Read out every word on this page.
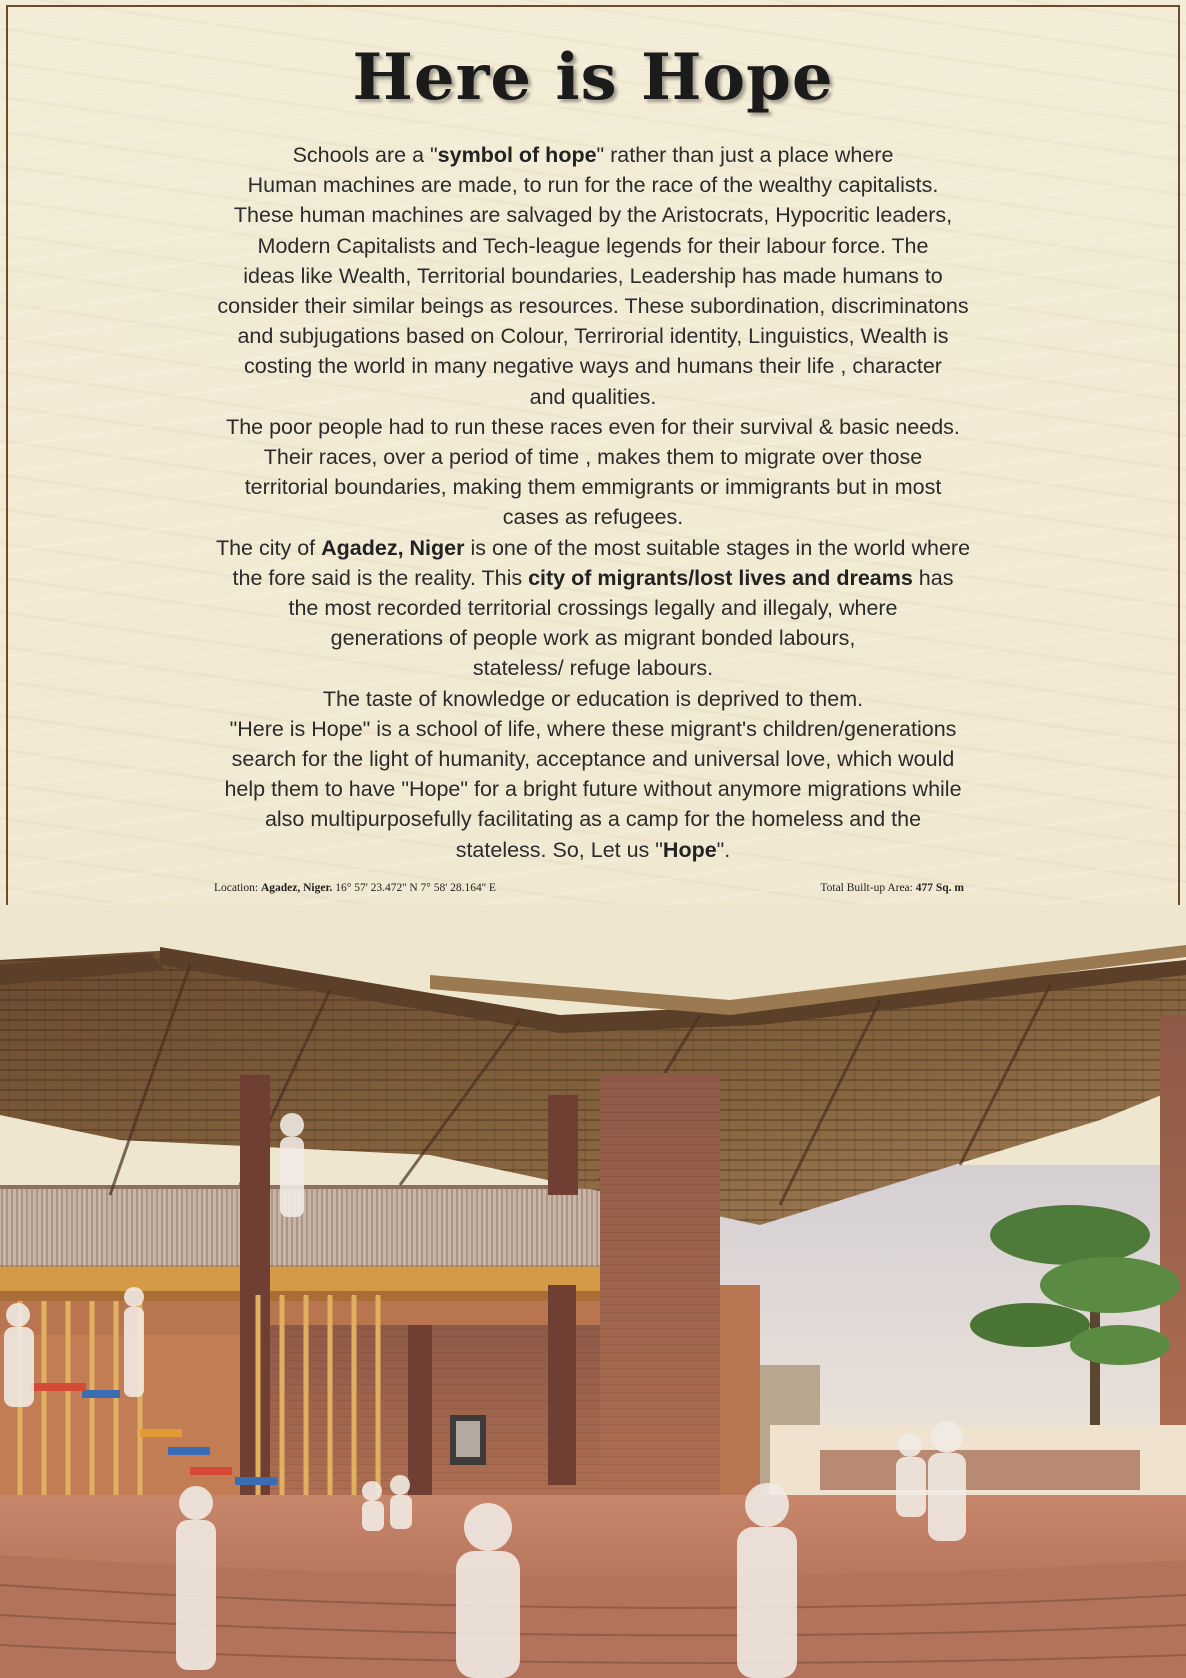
Here is Hope
Schools are a "symbol of hope" rather than just a place where
Human machines are made, to run for the race of the wealthy capitalists.
These human machines are salvaged by the Aristocrats, Hypocritic leaders,
Modern Capitalists and Tech-league legends for their labour force. The
ideas like Wealth, Territorial boundaries, Leadership has made humans to
consider their similar beings as resources. These subordination, discriminatons
and subjugations based on Colour, Terrirorial identity, Linguistics, Wealth is
costing the world in many negative ways and humans their life , character
and qualities.
The poor people had to run these races even for their survival & basic needs.
Their races, over a period of time , makes them to migrate over those
territorial boundaries, making them emmigrants or immigrants but in most
cases as refugees.
The city of Agadez, Niger is one of the most suitable stages in the world where
the fore said is the reality. This city of migrants/lost lives and dreams has
the most recorded territorial crossings legally and illegaly, where
generations of people work as migrant bonded labours,
stateless/ refuge labours.
The taste of knowledge or education is deprived to them.
"Here is Hope" is a school of life, where these migrant's children/generations
search for the light of humanity, acceptance and universal love, which would
help them to have "Hope" for a bright future without anymore migrations while
also multipurposefully facilitating as a camp for the homeless and the
stateless. So, Let us "Hope".
Location: Agadez, Niger. 16° 57' 23.472'' N 7° 58' 28.164'' E	Total Built-up Area: 477 Sq. m
